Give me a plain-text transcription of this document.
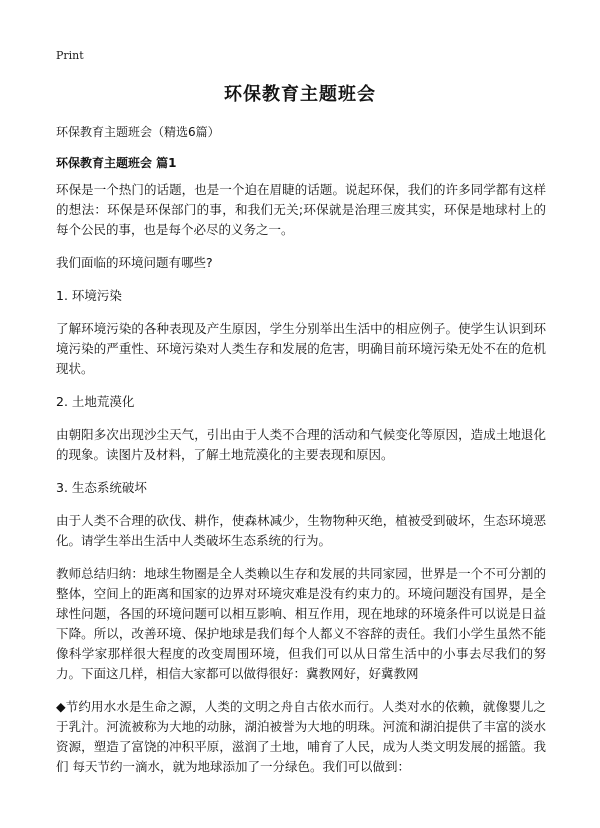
Print
环保教育主题班会
环保教育主题班会（精选6篇）
环保教育主题班会 篇1

环保是一个热门的话题，也是一个迫在眉睫的话题。说起环保，我们的许多同学都有这样的想法：环保是环保部门的事，和我们无关;环保就是治理三废其实，环保是地球村上的每个公民的事，也是每个必尽的义务之一。

我们面临的环境问题有哪些?

1. 环境污染

了解环境污染的各种表现及产生原因，学生分别举出生活中的相应例子。使学生认识到环境污染的严重性、环境污染对人类生存和发展的危害，明确目前环境污染无处不在的危机现状。

2. 土地荒漠化

由朝阳多次出现沙尘天气，引出由于人类不合理的活动和气候变化等原因，造成土地退化的现象。读图片及材料，了解土地荒漠化的主要表现和原因。

3. 生态系统破坏

由于人类不合理的砍伐、耕作，使森林减少，生物物种灭绝，植被受到破坏，生态环境恶化。请学生举出生活中人类破坏生态系统的行为。

教师总结归纳：地球生物圈是全人类赖以生存和发展的共同家园，世界是一个不可分割的整体，空间上的距离和国家的边界对环境灾难是没有约束力的。环境问题没有国界，是全球性问题，各国的环境问题可以相互影响、相互作用，现在地球的环境条件可以说是日益下降。所以，改善环境、保护地球是我们每个人都义不容辞的责任。我们小学生虽然不能像科学家那样很大程度的改变周围环境，但我们可以从日常生活中的小事去尽我们的努力。下面这几样，相信大家都可以做得很好：冀教网好，好冀教网

◆节约用水水是生命之源，人类的文明之舟自古依水而行。人类对水的依赖，就像婴儿之于乳汁。河流被称为大地的动脉，湖泊被誉为大地的明珠。河流和湖泊提供了丰富的淡水资源，塑造了富饶的冲积平原，滋润了土地，哺育了人民，成为人类文明发展的摇篮。我们 每天节约一滴水，就为地球添加了一分绿色。我们可以做到：
